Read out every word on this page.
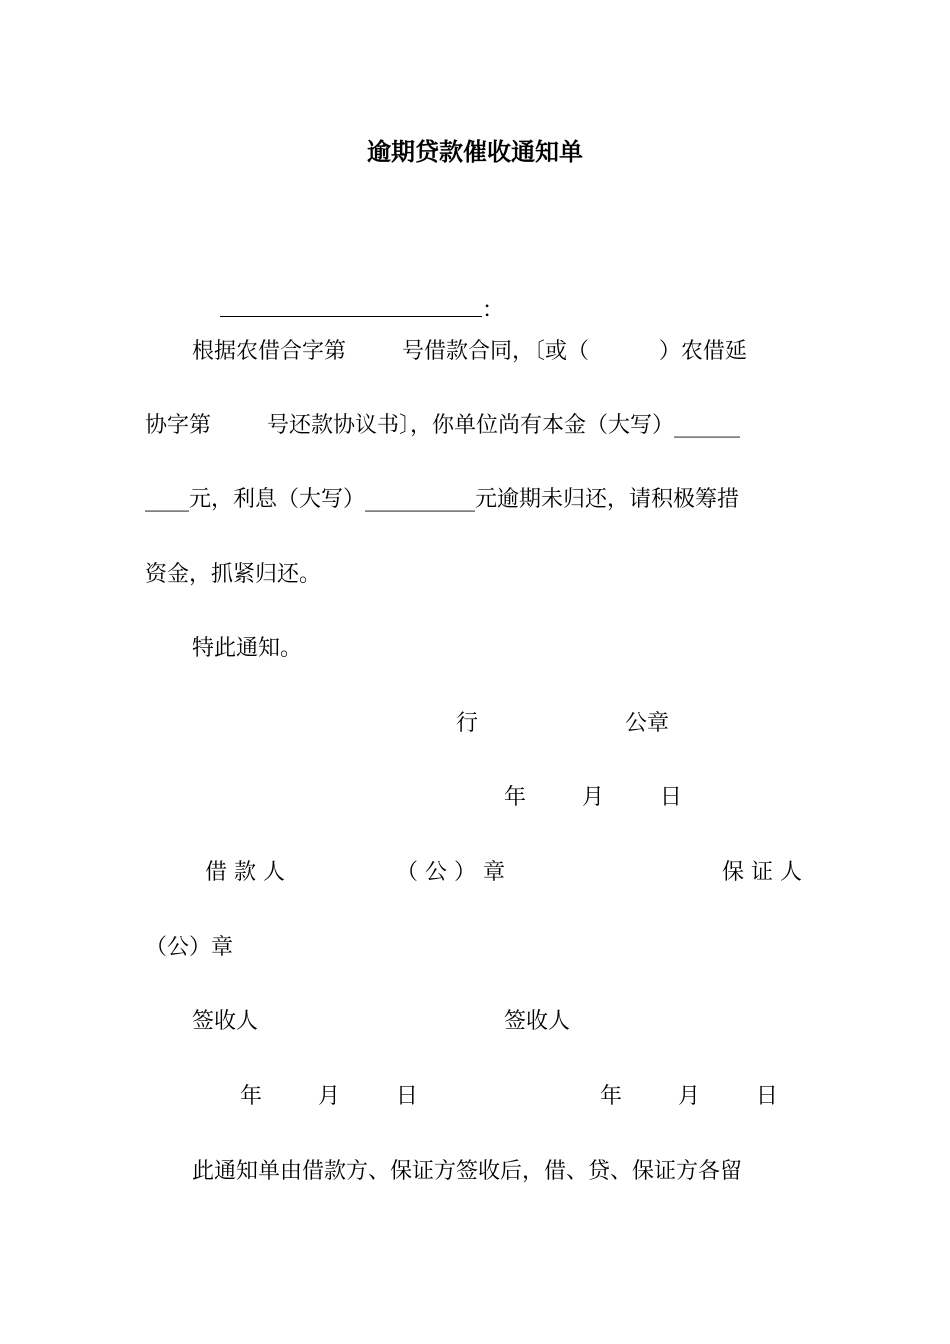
逾期贷款催收通知单

：

根据农借合字第        号借款合同，〔或（          ）农借延
协字第        号还款协议书〕，你单位尚有本金（大写）______
____元，利息（大写）__________元逾期未归还，请积极筹措
资金，抓紧归还。
特此通知。
行	公章
年        月        日
借 款 人	（ 公 ） 章	保 证 人
（公）章
签收人	签收人
年        月        日	年        月        日
此通知单由借款方、保证方签收后，借、贷、保证方各留
